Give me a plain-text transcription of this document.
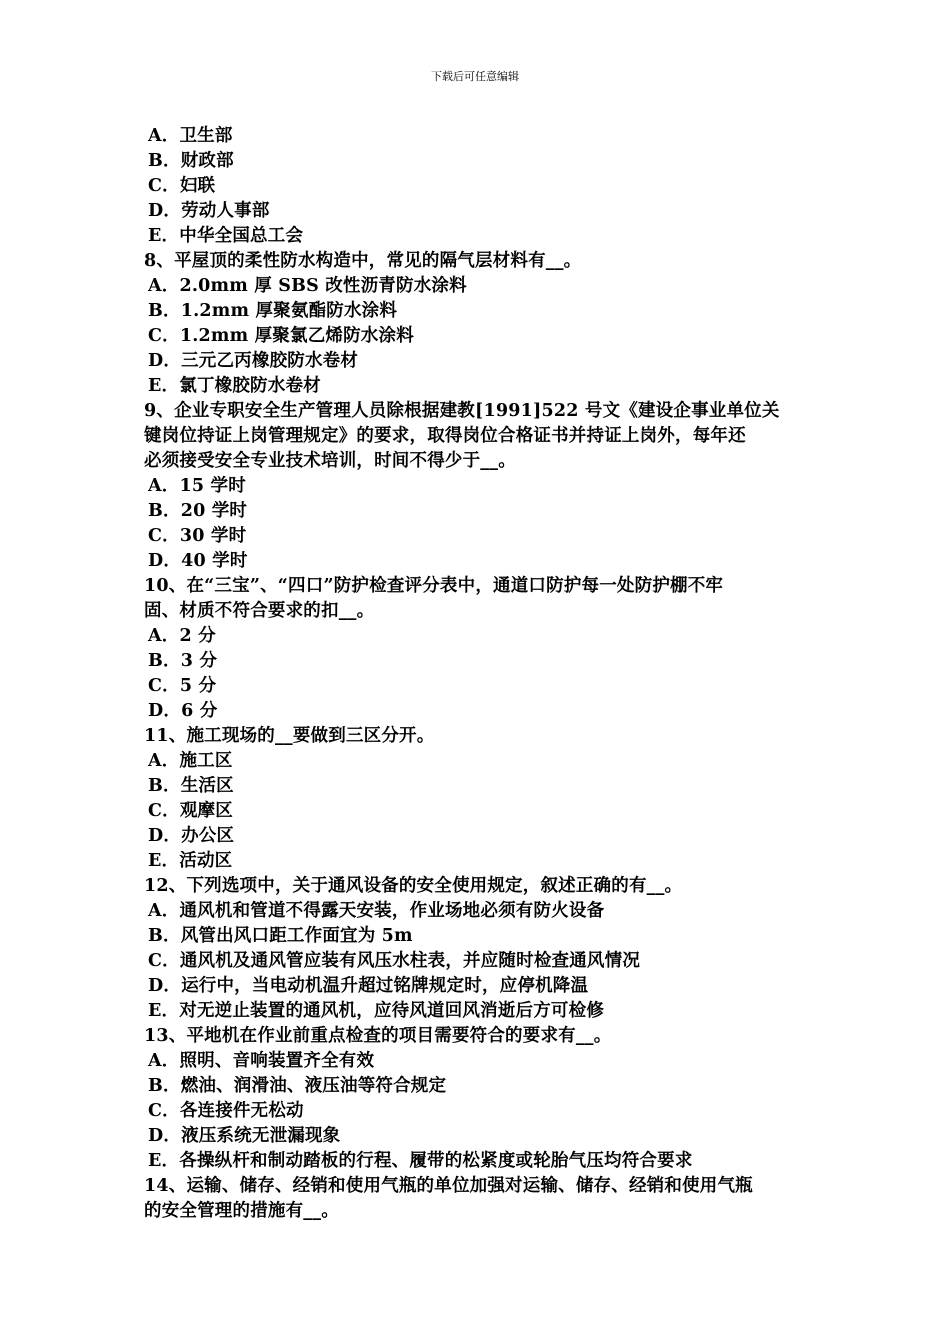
下载后可任意编辑
A．卫生部
B．财政部
C．妇联
D．劳动人事部
E．中华全国总工会
8、平屋顶的柔性防水构造中，常见的隔气层材料有__。
A．2.0mm 厚 SBS 改性沥青防水涂料
B．1.2mm 厚聚氨酯防水涂料
C．1.2mm 厚聚氯乙烯防水涂料
D．三元乙丙橡胶防水卷材
E．氯丁橡胶防水卷材
9、企业专职安全生产管理人员除根据建教[1991]522 号文《建设企事业单位关
键岗位持证上岗管理规定》的要求，取得岗位合格证书并持证上岗外，每年还
必须接受安全专业技术培训，时间不得少于__。
A．15 学时
B．20 学时
C．30 学时
D．40 学时
10、在“三宝”、“四口”防护检查评分表中，通道口防护每一处防护棚不牢
固、材质不符合要求的扣__。
A．2 分
B．3 分
C．5 分
D．6 分
11、施工现场的__要做到三区分开。
A．施工区
B．生活区
C．观摩区
D．办公区
E．活动区
12、下列选项中，关于通风设备的安全使用规定，叙述正确的有__。
A．通风机和管道不得露天安装，作业场地必须有防火设备
B．风管出风口距工作面宜为 5m
C．通风机及通风管应装有风压水柱表，并应随时检查通风情况
D．运行中，当电动机温升超过铭牌规定时，应停机降温
E．对无逆止装置的通风机，应待风道回风消逝后方可检修
13、平地机在作业前重点检查的项目需要符合的要求有__。
A．照明、音响装置齐全有效
B．燃油、润滑油、液压油等符合规定
C．各连接件无松动
D．液压系统无泄漏现象
E．各操纵杆和制动踏板的行程、履带的松紧度或轮胎气压均符合要求
14、运输、储存、经销和使用气瓶的单位加强对运输、储存、经销和使用气瓶
的安全管理的措施有__。
